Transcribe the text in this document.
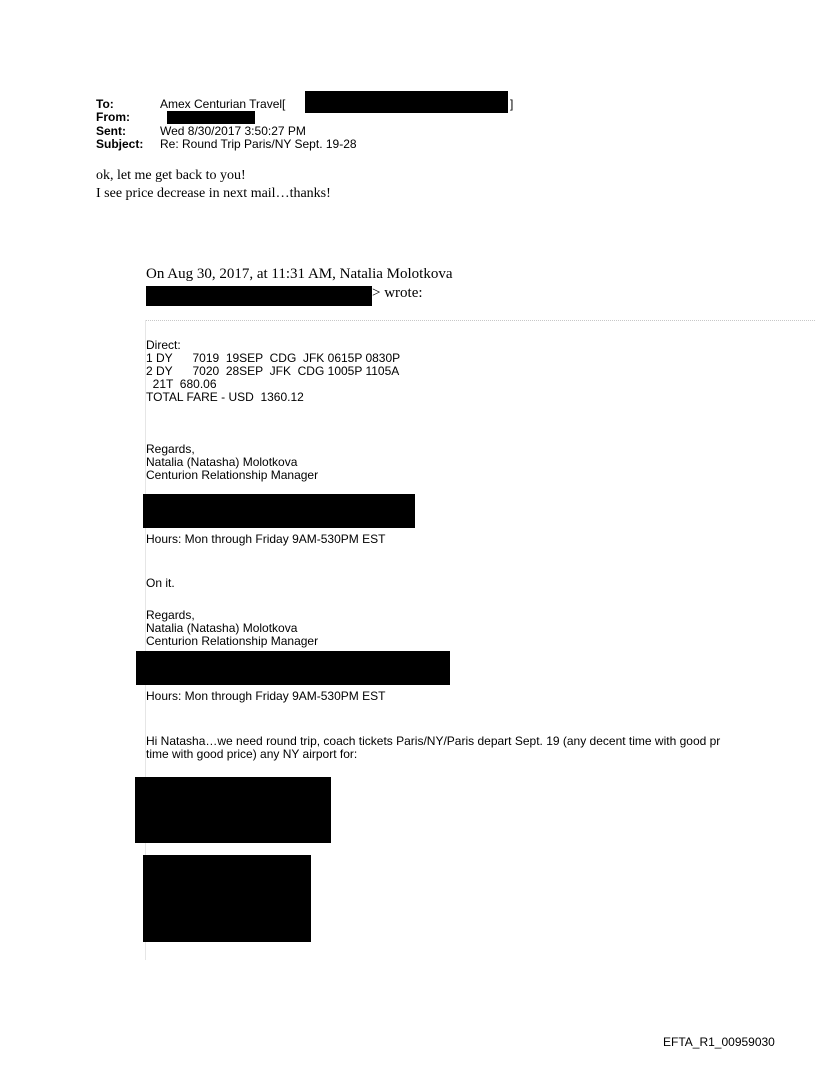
To:	Amex Centurian Travel[	]
From:
Sent:	Wed 8/30/2017 3:50:27 PM
Subject: Re: Round Trip Paris/NY Sept. 19-28
ok, let me get back to you!
I see price decrease in next mail…thanks!
On Aug 30, 2017, at 11:31 AM, Natalia Molotkova
> wrote:
Direct:
1 DY      7019  19SEP  CDG  JFK 0615P 0830P
2 DY      7020  28SEP  JFK  CDG 1005P 1105A
21T  680.06
TOTAL FARE - USD  1360.12
Regards,
Natalia (Natasha) Molotkova
Centurion Relationship Manager
Hours: Mon through Friday 9AM-530PM EST
On it.
Regards,
Natalia (Natasha) Molotkova
Centurion Relationship Manager
Hours: Mon through Friday 9AM-530PM EST
Hi Natasha…we need round trip, coach tickets Paris/NY/Paris depart Sept. 19 (any decent time with good pr
time with good price) any NY airport for:
EFTA_R1_00959030
